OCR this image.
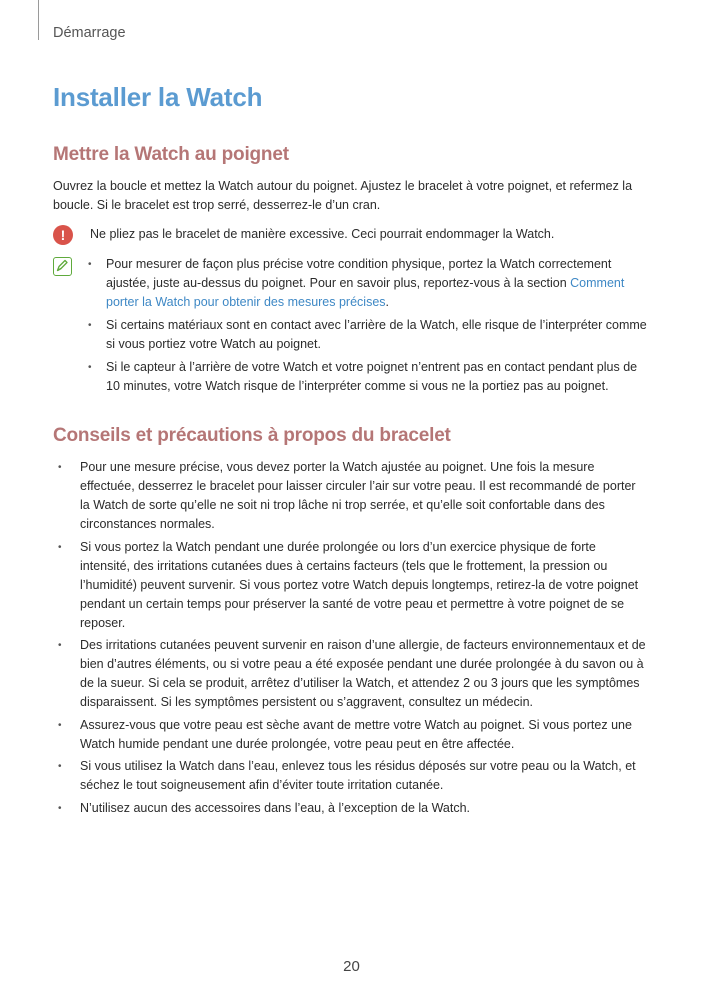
Démarrage
Installer la Watch
Mettre la Watch au poignet

Ouvrez la boucle et mettez la Watch autour du poignet. Ajustez le bracelet à votre poignet, et refermez la boucle. Si le bracelet est trop serré, desserrez-le d’un cran.

!	Ne pliez pas le bracelet de manière excessive. Ceci pourrait endommager la Watch.

• Pour mesurer de façon plus précise votre condition physique, portez la Watch correctement ajustée, juste au-dessus du poignet. Pour en savoir plus, reportez-vous à la section Comment porter la Watch pour obtenir des mesures précises.
• Si certains matériaux sont en contact avec l’arrière de la Watch, elle risque de l’interpréter comme si vous portiez votre Watch au poignet.
• Si le capteur à l’arrière de votre Watch et votre poignet n’entrent pas en contact pendant plus de 10 minutes, votre Watch risque de l’interpréter comme si vous ne la portiez pas au poignet.
Conseils et précautions à propos du bracelet
• Pour une mesure précise, vous devez porter la Watch ajustée au poignet. Une fois la mesure effectuée, desserrez le bracelet pour laisser circuler l’air sur votre peau. Il est recommandé de porter la Watch de sorte qu’elle ne soit ni trop lâche ni trop serrée, et qu’elle soit confortable dans des circonstances normales.
• Si vous portez la Watch pendant une durée prolongée ou lors d’un exercice physique de forte intensité, des irritations cutanées dues à certains facteurs (tels que le frottement, la pression ou l’humidité) peuvent survenir. Si vous portez votre Watch depuis longtemps, retirez-la de votre poignet pendant un certain temps pour préserver la santé de votre peau et permettre à votre poignet de se reposer.
• Des irritations cutanées peuvent survenir en raison d’une allergie, de facteurs environnementaux et de bien d’autres éléments, ou si votre peau a été exposée pendant une durée prolongée à du savon ou à de la sueur. Si cela se produit, arrêtez d’utiliser la Watch, et attendez 2 ou 3 jours que les symptômes disparaissent. Si les symptômes persistent ou s’aggravent, consultez un médecin.
• Assurez-vous que votre peau est sèche avant de mettre votre Watch au poignet. Si vous portez une Watch humide pendant une durée prolongée, votre peau peut en être affectée.
• Si vous utilisez la Watch dans l’eau, enlevez tous les résidus déposés sur votre peau ou la Watch, et séchez le tout soigneusement afin d’éviter toute irritation cutanée.
• N’utilisez aucun des accessoires dans l’eau, à l’exception de la Watch.
20
